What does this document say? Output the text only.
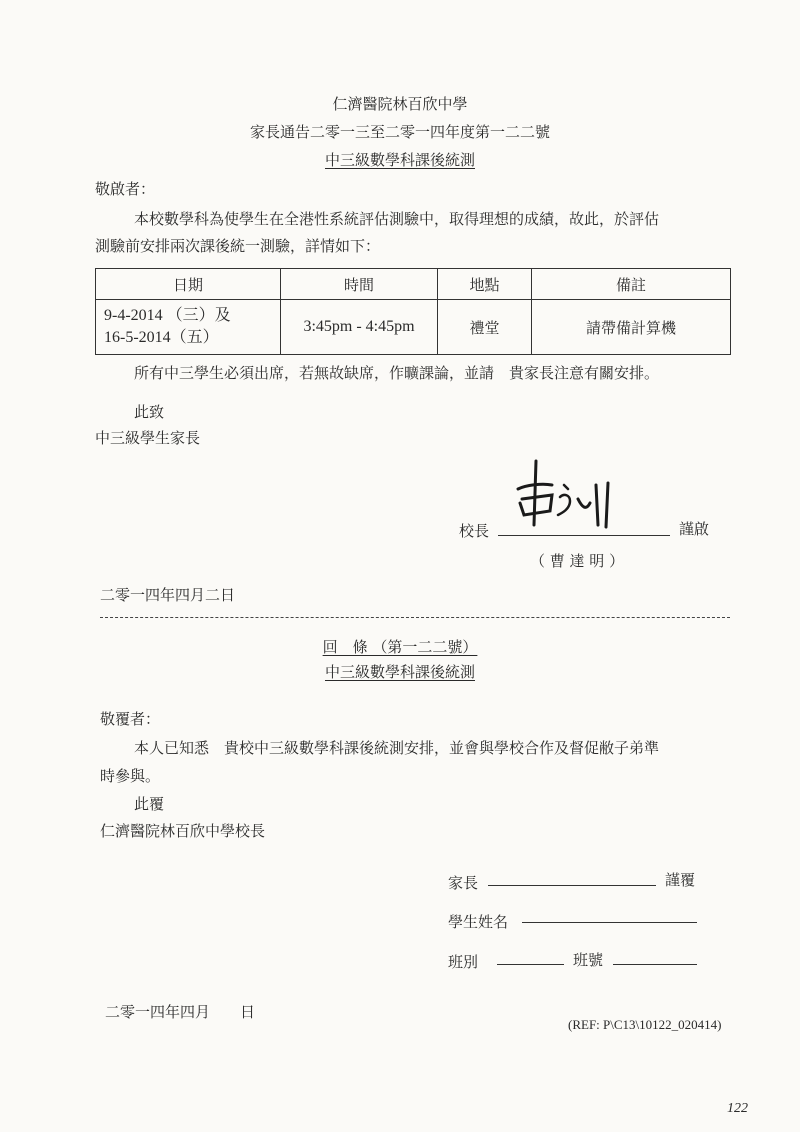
仁濟醫院林百欣中學
家長通告二零一三至二零一四年度第一二二號
中三級數學科課後統測
敬啟者：
本校數學科為使學生在全港性系統評估測驗中，取得理想的成績，故此，於評估
測驗前安排兩次課後統一測驗，詳情如下：
日期	時間	地點	備註

9-4-2014 （三）及
16-5-2014（五）	3:45pm - 4:45pm	禮堂	請帶備計算機
所有中三學生必須出席，若無故缺席，作曠課論，並請　貴家長注意有關安排。
此致
中三級學生家長
校長	謹啟
（ 曹 達 明 ）
二零一四年四月二日
回　條 （第一二二號）
中三級數學科課後統測
敬覆者：
本人已知悉　貴校中三級數學科課後統測安排，並會與學校合作及督促敝子弟準
時參與。
此覆
仁濟醫院林百欣中學校長
家長	謹覆
學生姓名
班別	班號
二零一四年四月　　日
(REF: P\C13\10122_020414)
122
